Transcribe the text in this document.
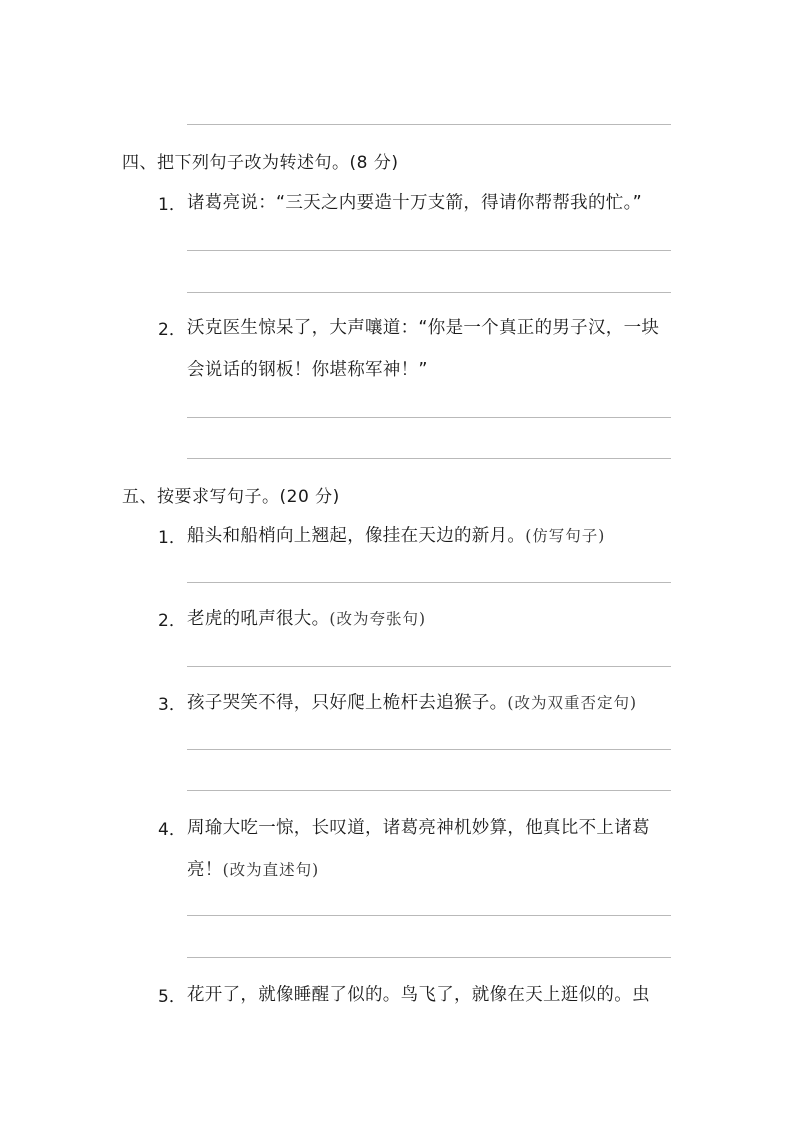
四、把下列句子改为转述句。(8 分)
1． 诸葛亮说：“三天之内要造十万支箭，得请你帮帮我的忙。”
2． 沃克医生惊呆了，大声嚷道：“你是一个真正的男子汉，一块
会说话的钢板！你堪称军神！”
五、按要求写句子。(20 分)
1． 船头和船梢向上翘起，像挂在天边的新月。(仿写句子)
2． 老虎的吼声很大。(改为夸张句)
3． 孩子哭笑不得，只好爬上桅杆去追猴子。(改为双重否定句)
4． 周瑜大吃一惊，长叹道，诸葛亮神机妙算，他真比不上诸葛
亮！(改为直述句)
5． 花开了，就像睡醒了似的。鸟飞了，就像在天上逛似的。虫
